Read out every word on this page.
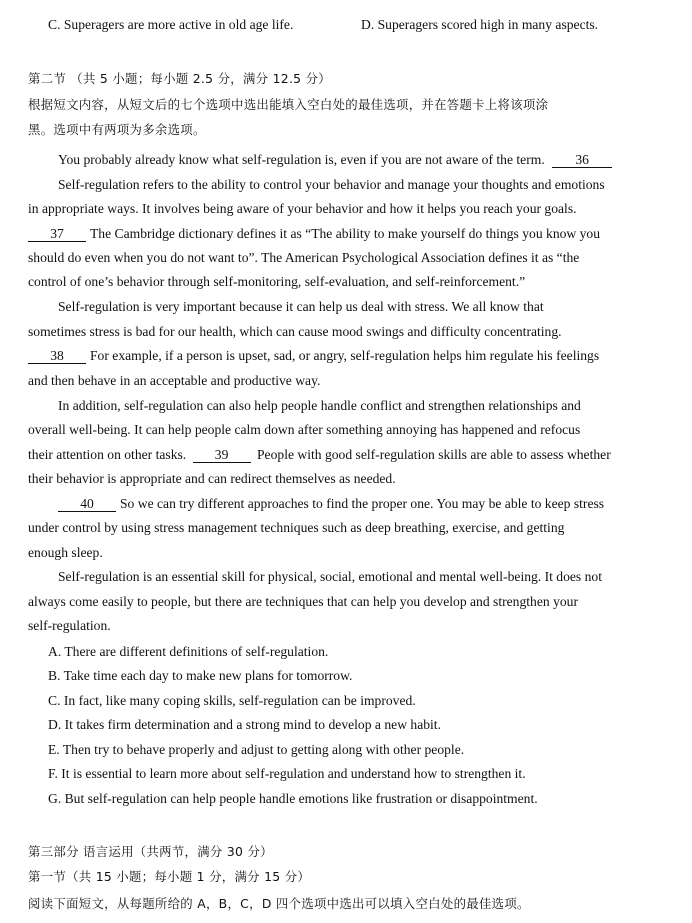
C. Superagers are more active in old age life.	D. Superagers scored high in many aspects.
第二节 （共 5 小题；每小题 2.5 分，满分 12.5 分）
根据短文内容，从短文后的七个选项中选出能填入空白处的最佳选项，并在答题卡上将该项涂
黑。选项中有两项为多余选项。
You probably already know what self-regulation is, even if you are not aware of the term. 36
Self-regulation refers to the ability to control your behavior and manage your thoughts and emotions
in appropriate ways. It involves being aware of your behavior and how it helps you reach your goals.
37 The Cambridge dictionary defines it as “The ability to make yourself do things you know you
should do even when you do not want to”. The American Psychological Association defines it as “the
control of one’s behavior through self-monitoring, self-evaluation, and self-reinforcement.”
Self-regulation is very important because it can help us deal with stress. We all know that
sometimes stress is bad for our health, which can cause mood swings and difficulty concentrating.
38 For example, if a person is upset, sad, or angry, self-regulation helps him regulate his feelings
and then behave in an acceptable and productive way.
In addition, self-regulation can also help people handle conflict and strengthen relationships and
overall well-being. It can help people calm down after something annoying has happened and refocus
their attention on other tasks. 39 People with good self-regulation skills are able to assess whether
their behavior is appropriate and can redirect themselves as needed.
40 So we can try different approaches to find the proper one. You may be able to keep stress
under control by using stress management techniques such as deep breathing, exercise, and getting
enough sleep.
Self-regulation is an essential skill for physical, social, emotional and mental well-being. It does not
always come easily to people, but there are techniques that can help you develop and strengthen your
self-regulation.
A. There are different definitions of self-regulation.
B. Take time each day to make new plans for tomorrow.
C. In fact, like many coping skills, self-regulation can be improved.
D. It takes firm determination and a strong mind to develop a new habit.
E. Then try to behave properly and adjust to getting along with other people.
F. It is essential to learn more about self-regulation and understand how to strengthen it.
G. But self-regulation can help people handle emotions like frustration or disappointment.
第三部分 语言运用（共两节，满分 30 分）
第一节（共 15 小题；每小题 1 分，满分 15 分）
阅读下面短文，从每题所给的 A，B，C，D 四个选项中选出可以填入空白处的最佳选项。
